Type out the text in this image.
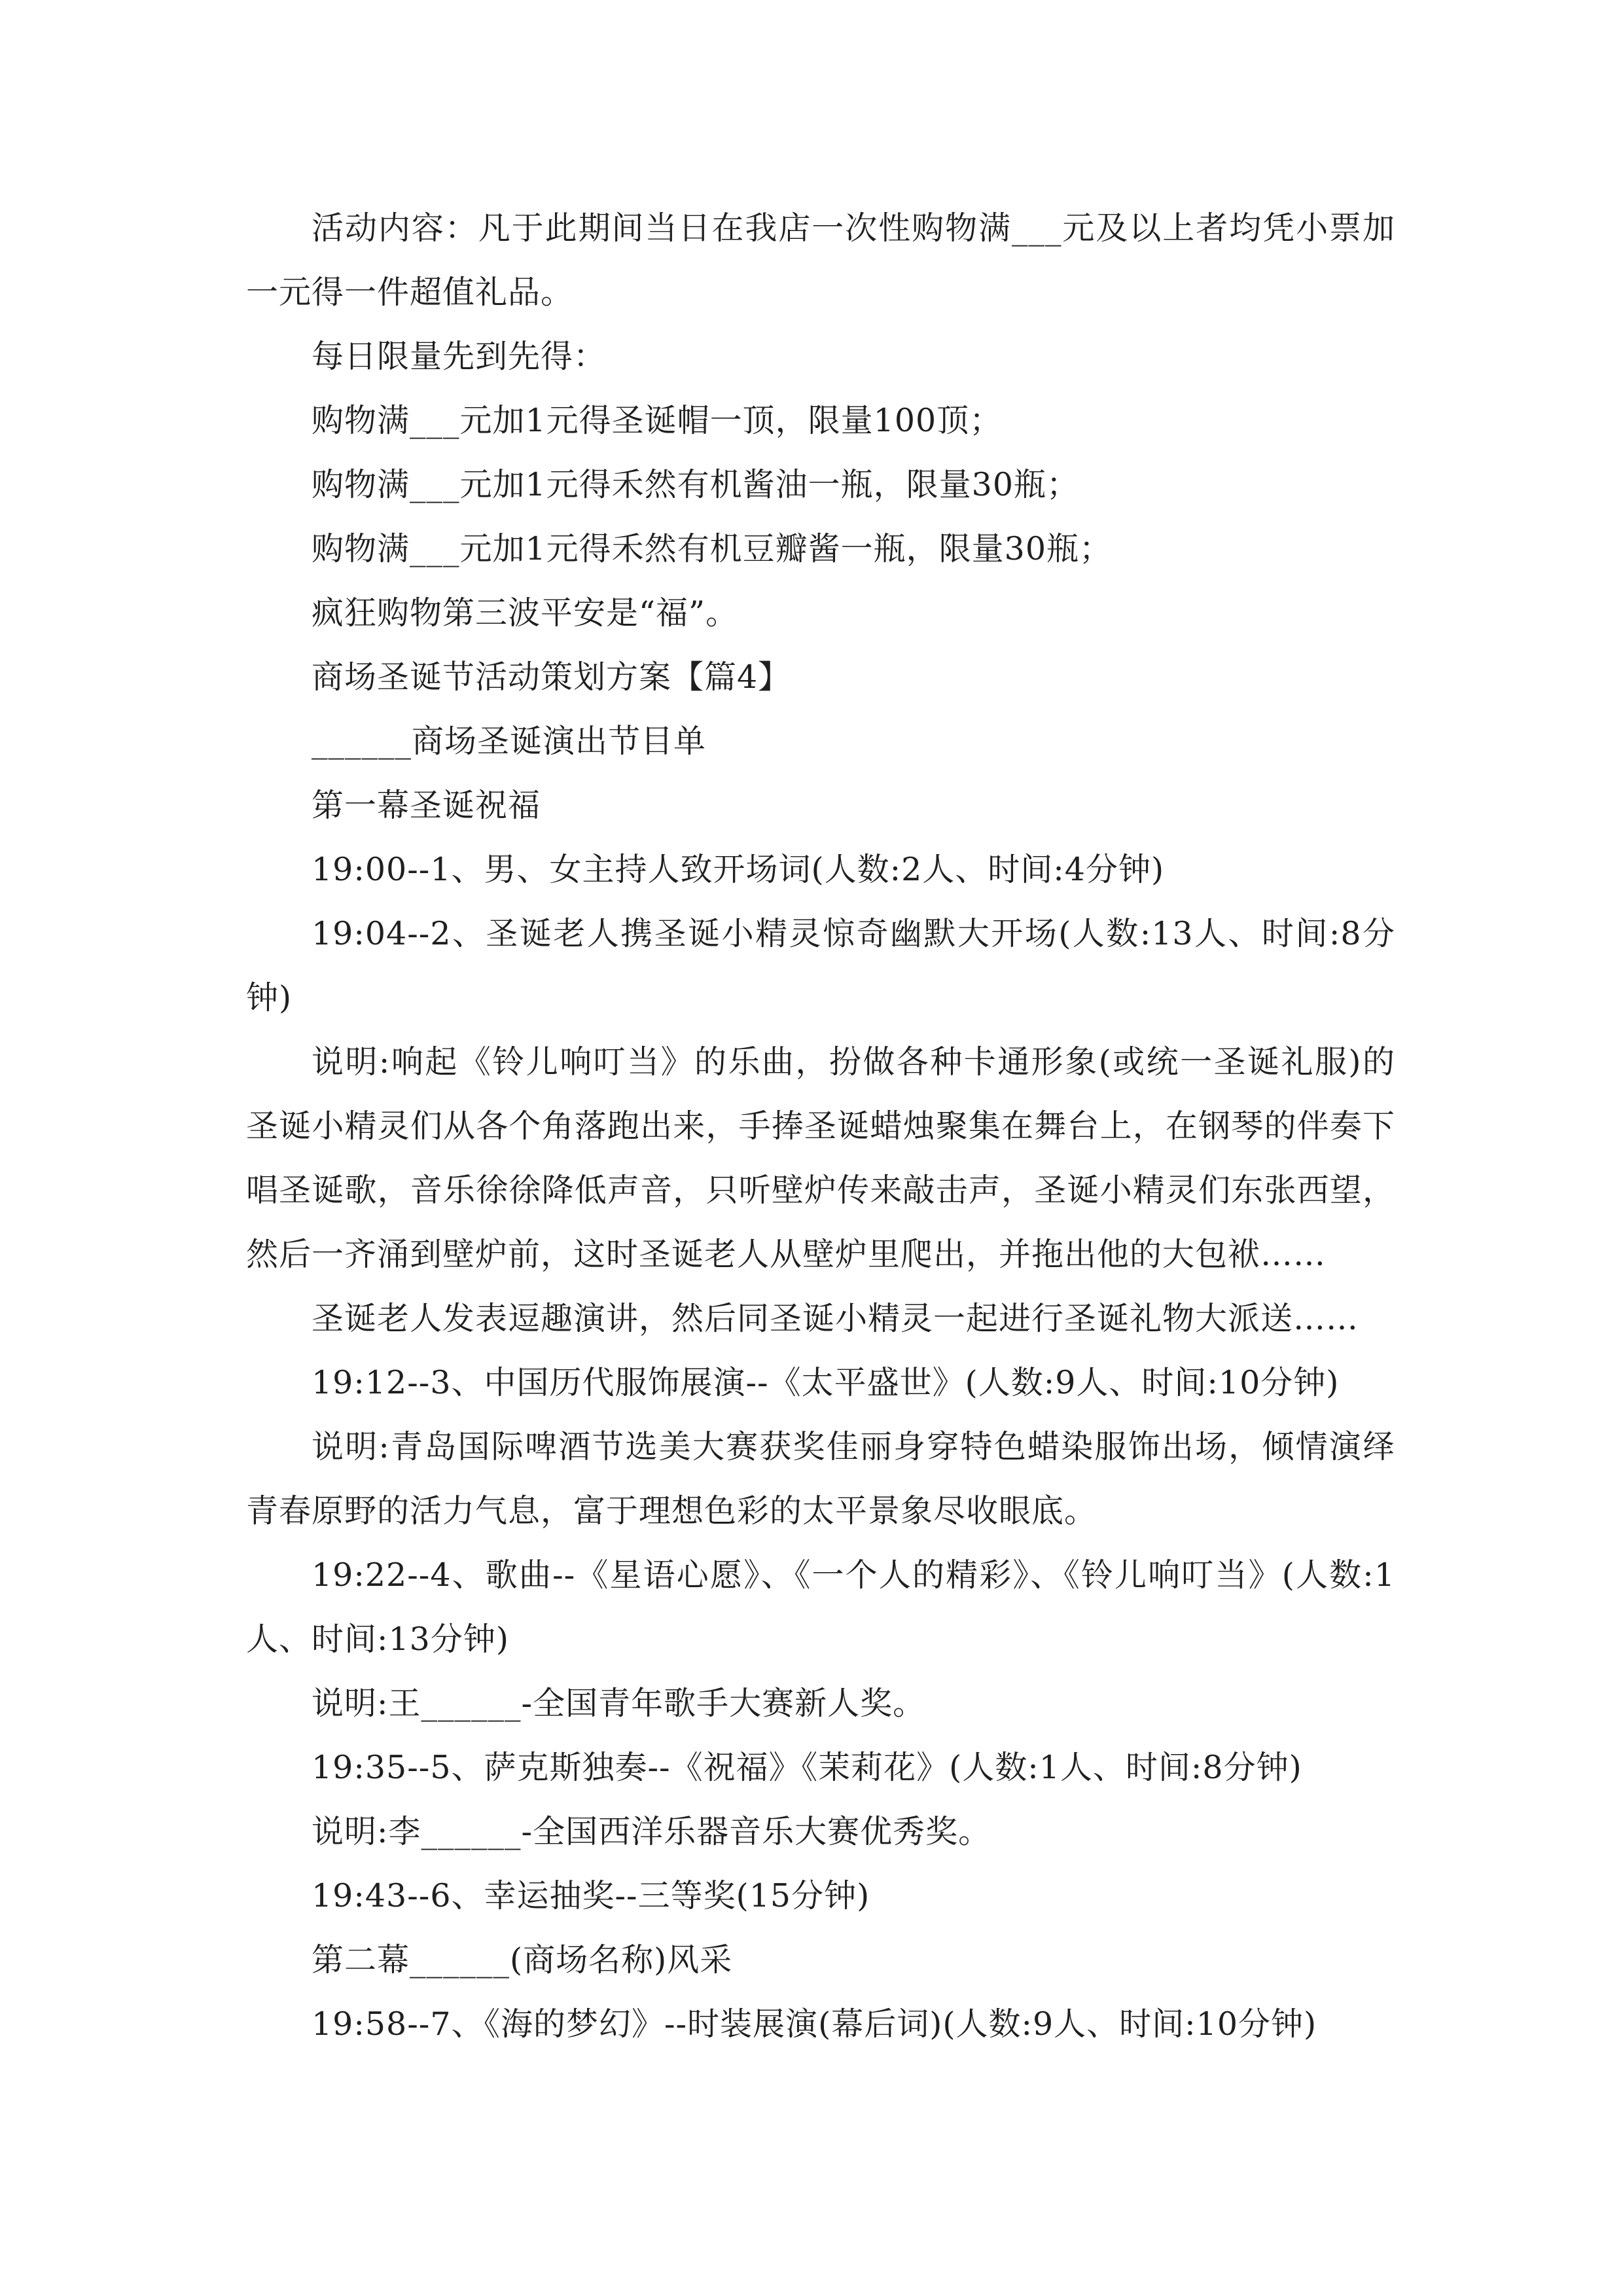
活动内容：凡于此期间当日在我店一次性购物满___元及以上者均凭小票加一元得一件超值礼品。

每日限量先到先得：

购物满___元加1元得圣诞帽一顶，限量100顶；

购物满___元加1元得禾然有机酱油一瓶，限量30瓶；

购物满___元加1元得禾然有机豆瓣酱一瓶，限量30瓶；

疯狂购物第三波平安是“福”。

商场圣诞节活动策划方案【篇4】

______商场圣诞演出节目单

第一幕圣诞祝福

19:00--1、男、女主持人致开场词(人数:2人、时间:4分钟)

19:04--2、圣诞老人携圣诞小精灵惊奇幽默大开场(人数:13人、时间:8分钟)

说明:响起《铃儿响叮当》的乐曲，扮做各种卡通形象(或统一圣诞礼服)的圣诞小精灵们从各个角落跑出来，手捧圣诞蜡烛聚集在舞台上，在钢琴的伴奏下唱圣诞歌，音乐徐徐降低声音，只听壁炉传来敲击声，圣诞小精灵们东张西望，然后一齐涌到壁炉前，这时圣诞老人从壁炉里爬出，并拖出他的大包袱……

圣诞老人发表逗趣演讲，然后同圣诞小精灵一起进行圣诞礼物大派送……

19:12--3、中国历代服饰展演--《太平盛世》(人数:9人、时间:10分钟)

说明:青岛国际啤酒节选美大赛获奖佳丽身穿特色蜡染服饰出场，倾情演绎青春原野的活力气息，富于理想色彩的太平景象尽收眼底。

19:22--4、歌曲--《星语心愿》、《一个人的精彩》、《铃儿响叮当》(人数:1人、时间:13分钟)

说明:王______-全国青年歌手大赛新人奖。

19:35--5、萨克斯独奏--《祝福》《茉莉花》(人数:1人、时间:8分钟)

说明:李______-全国西洋乐器音乐大赛优秀奖。

19:43--6、幸运抽奖--三等奖(15分钟)

第二幕______(商场名称)风采

19:58--7、《海的梦幻》--时装展演(幕后词)(人数:9人、时间:10分钟)
